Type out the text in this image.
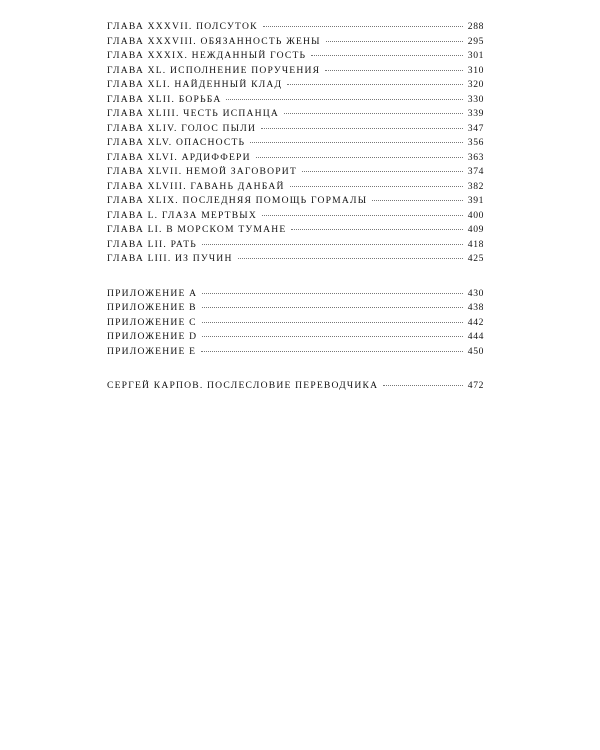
ГЛАВА XXXVII. ПОЛСУТОК	288
ГЛАВА XXXVIII. ОБЯЗАННОСТЬ ЖЕНЫ	295
ГЛАВА XXXIX. НЕЖДАННЫЙ ГОСТЬ	301
ГЛАВА XL. ИСПОЛНЕНИЕ ПОРУЧЕНИЯ	310
ГЛАВА XLI. НАЙДЕННЫЙ КЛАД	320
ГЛАВА XLII. БОРЬБА	330
ГЛАВА XLIII. ЧЕСТЬ ИСПАНЦА	339
ГЛАВА XLIV. ГОЛОС ПЫЛИ	347
ГЛАВА XLV. ОПАСНОСТЬ	356
ГЛАВА XLVI. АРДИФФЕРИ	363
ГЛАВА XLVII. НЕМОЙ ЗАГОВОРИТ	374
ГЛАВА XLVIII. ГАВАНЬ ДАНБАЙ	382
ГЛАВА XLIX. ПОСЛЕДНЯЯ ПОМОЩЬ ГОРМАЛЫ	391
ГЛАВА L. ГЛАЗА МЕРТВЫХ	400
ГЛАВА LI. В МОРСКОМ ТУМАНЕ	409
ГЛАВА LII. РАТЬ	418
ГЛАВА LIII. ИЗ ПУЧИН	425
ПРИЛОЖЕНИЕ A	430
ПРИЛОЖЕНИЕ B	438
ПРИЛОЖЕНИЕ C	442
ПРИЛОЖЕНИЕ D	444
ПРИЛОЖЕНИЕ E	450
СЕРГЕЙ КАРПОВ. ПОСЛЕСЛОВИЕ ПЕРЕВОДЧИКА	472
